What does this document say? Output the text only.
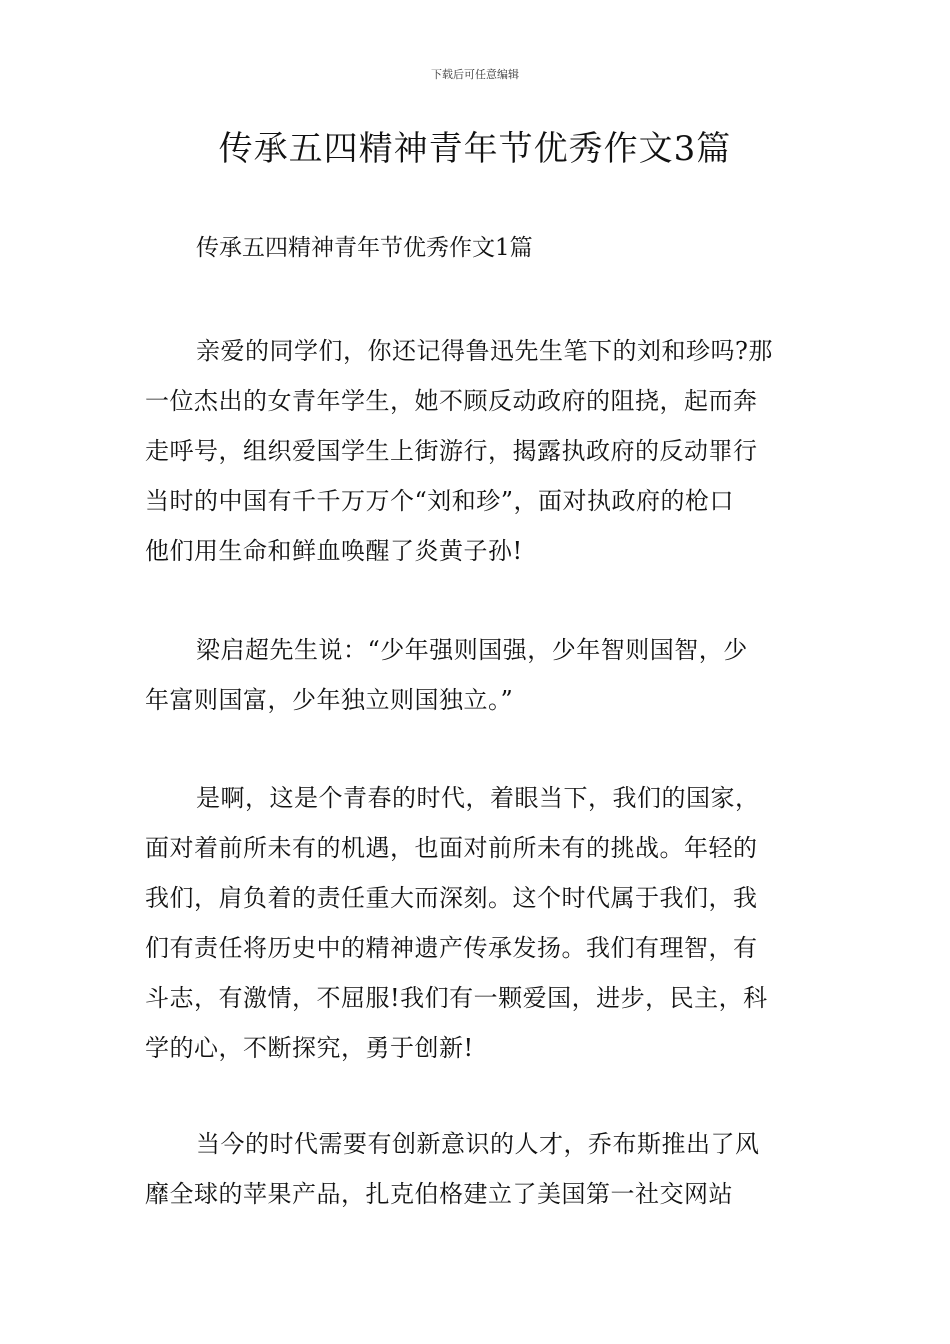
下载后可任意编辑
传承五四精神青年节优秀作文3篇
传承五四精神青年节优秀作文1篇
亲爱的同学们，你还记得鲁迅先生笔下的刘和珍吗?那
一位杰出的女青年学生，她不顾反动政府的阻挠，起而奔
走呼号，组织爱国学生上街游行，揭露执政府的反动罪行
当时的中国有千千万万个“刘和珍”，面对执政府的枪口
他们用生命和鲜血唤醒了炎黄子孙!
梁启超先生说：“少年强则国强，少年智则国智，少
年富则国富，少年独立则国独立。”
是啊，这是个青春的时代，着眼当下，我们的国家，
面对着前所未有的机遇，也面对前所未有的挑战。年轻的
我们，肩负着的责任重大而深刻。这个时代属于我们，我
们有责任将历史中的精神遗产传承发扬。我们有理智，有
斗志，有激情，不屈服!我们有一颗爱国，进步，民主，科
学的心，不断探究，勇于创新!
当今的时代需要有创新意识的人才，乔布斯推出了风
靡全球的苹果产品，扎克伯格建立了美国第一社交网站
